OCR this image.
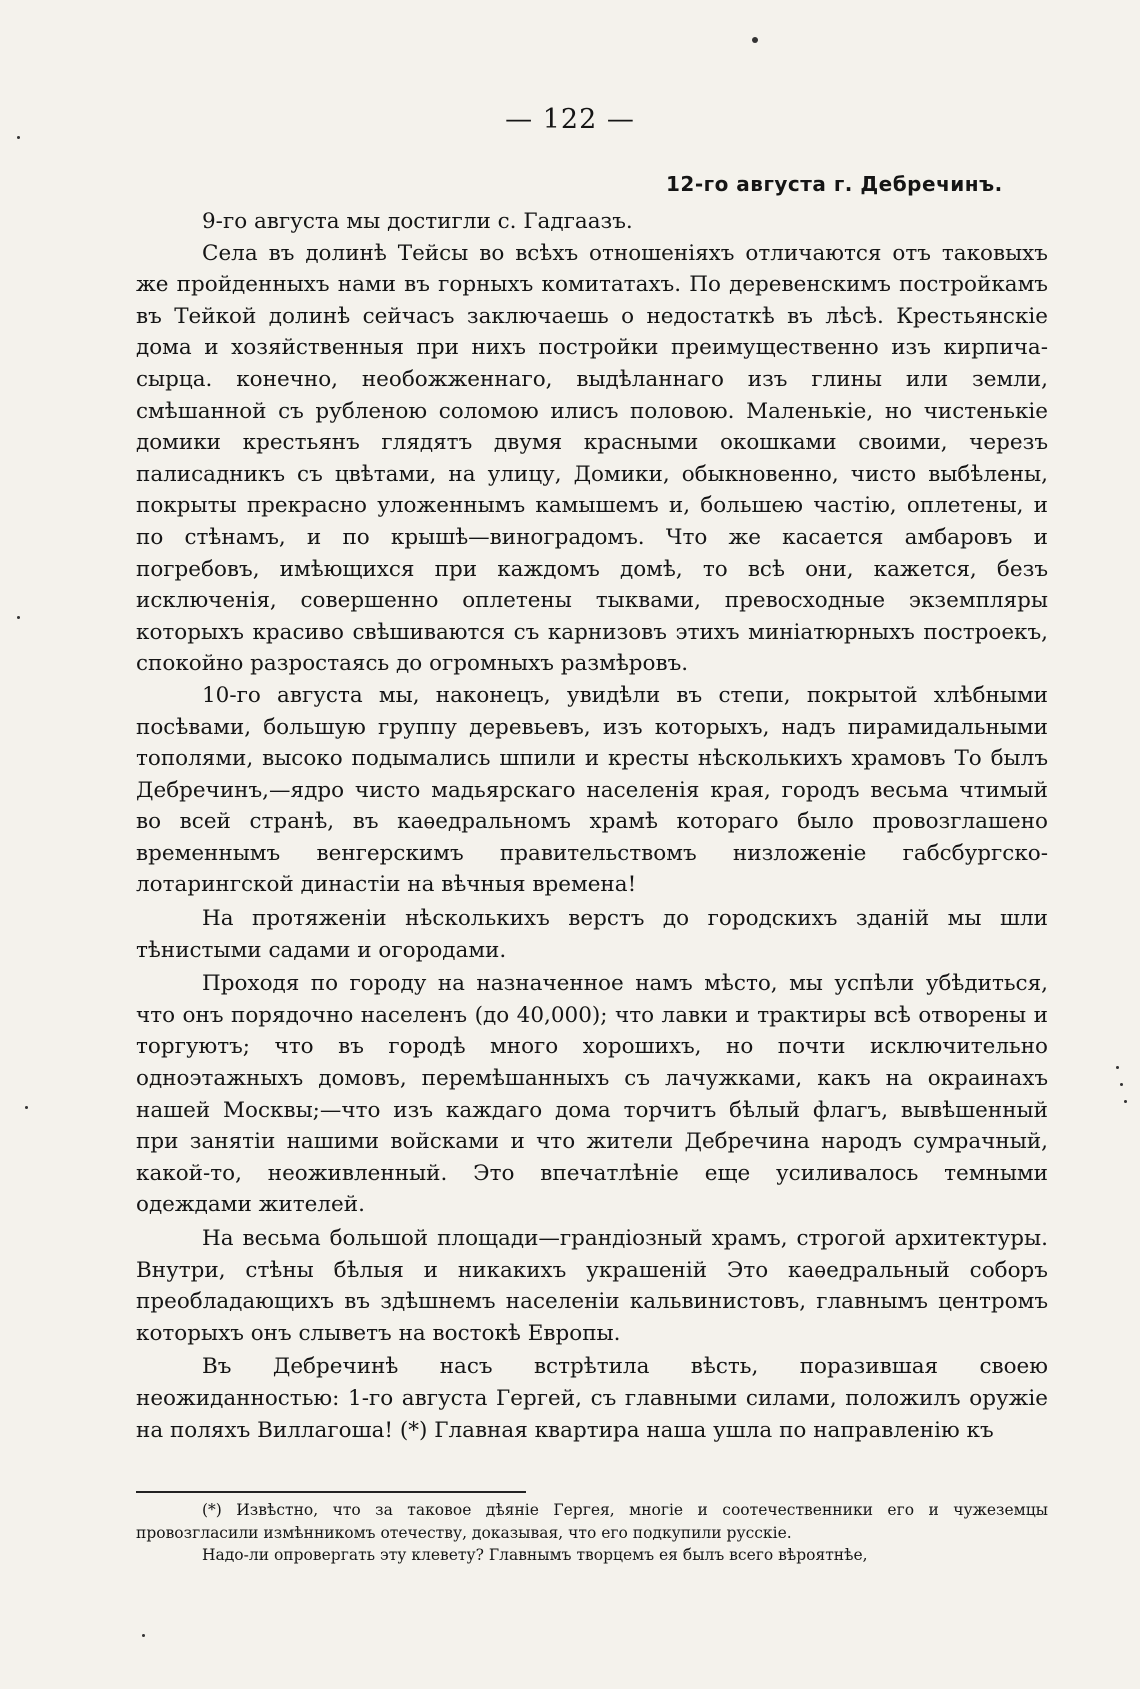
— 122 —
12-го августа г. Дебречинъ.

9-го августа мы достигли с. Гадгаазъ.

Села въ долинѣ Тейсы во всѣхъ отношеніяхъ отличаются отъ таковыхъ же пройденныхъ нами въ горныхъ комитатахъ. По деревенскимъ постройкамъ въ Тейкой долинѣ сейчасъ заключаешь о недостаткѣ въ лѣсѣ. Крестьянскіе дома и хозяйственныя при нихъ постройки преимущественно изъ кирпича-сырца. конечно, необожженнаго, выдѣланнаго изъ глины или земли, смѣшанной съ рубленою соломою илисъ половою. Маленькіе, но чистенькіе домики крестьянъ глядятъ двумя красными окошками своими, черезъ палисадникъ съ цвѣтами, на улицу, Домики, обыкновенно, чисто выбѣлены, покрыты прекрасно уложеннымъ камышемъ и, большею частію, оплетены, и по стѣнамъ, и по крышѣ—виноградомъ. Что же касается амбаровъ и погребовъ, имѣющихся при каждомъ домѣ, то всѣ они, кажется, безъ исключенія, совершенно оплетены тыквами, превосходные экземпляры которыхъ красиво свѣшиваются съ карнизовъ этихъ миніатюрныхъ построекъ, спокойно разростаясь до огромныхъ размѣровъ.

10-го августа мы, наконецъ, увидѣли въ степи, покрытой хлѣбными посѣвами, большую группу деревьевъ, изъ которыхъ, надъ пирамидальными тополями, высоко подымались шпили и кресты нѣсколькихъ храмовъ То былъ Дебречинъ,—ядро чисто мадьярскаго населенія края, городъ весьма чтимый во всей странѣ, въ каѳедральномъ храмѣ котораго было провозглашено временнымъ венгерскимъ правительствомъ низложеніе габсбургско-лотарингской династіи на вѣчныя времена!

На протяженіи нѣсколькихъ верстъ до городскихъ зданій мы шли тѣнистыми садами и огородами.

Проходя по городу на назначенное намъ мѣсто, мы успѣли убѣдиться, что онъ порядочно населенъ (до 40,000); что лавки и трактиры всѣ отворены и торгуютъ; что въ городѣ много хорошихъ, но почти исключительно одноэтажныхъ домовъ, перемѣшанныхъ съ лачужками, какъ на окраинахъ нашей Москвы;—что изъ каждаго дома торчитъ бѣлый флагъ, вывѣшенный при занятіи нашими войсками и что жители Дебречина народъ сумрачный, какой-то, неоживленный. Это впечатлѣніе еще усиливалось темными одеждами жителей.

На весьма большой площади—грандіозный храмъ, строгой архитектуры. Внутри, стѣны бѣлыя и никакихъ украшеній Это каѳедральный соборъ преобладающихъ въ здѣшнемъ населеніи кальвинистовъ, главнымъ центромъ которыхъ онъ слыветъ на востокѣ Европы.

Въ Дебречинѣ насъ встрѣтила вѣсть, поразившая своею неожиданностью: 1-го августа Гергей, съ главными силами, положилъ оружіе на поляхъ Виллагоша! (*) Главная квартира наша ушла по направленію къ

(*) Извѣстно, что за таковое дѣяніе Гергея, многіе и соотечественники его и чужеземцы провозгласили измѣнникомъ отечеству, доказывая, что его подкупили русскіе.

Надо-ли опровергать эту клевету? Главнымъ творцемъ ея былъ всего вѣроятнѣе,
